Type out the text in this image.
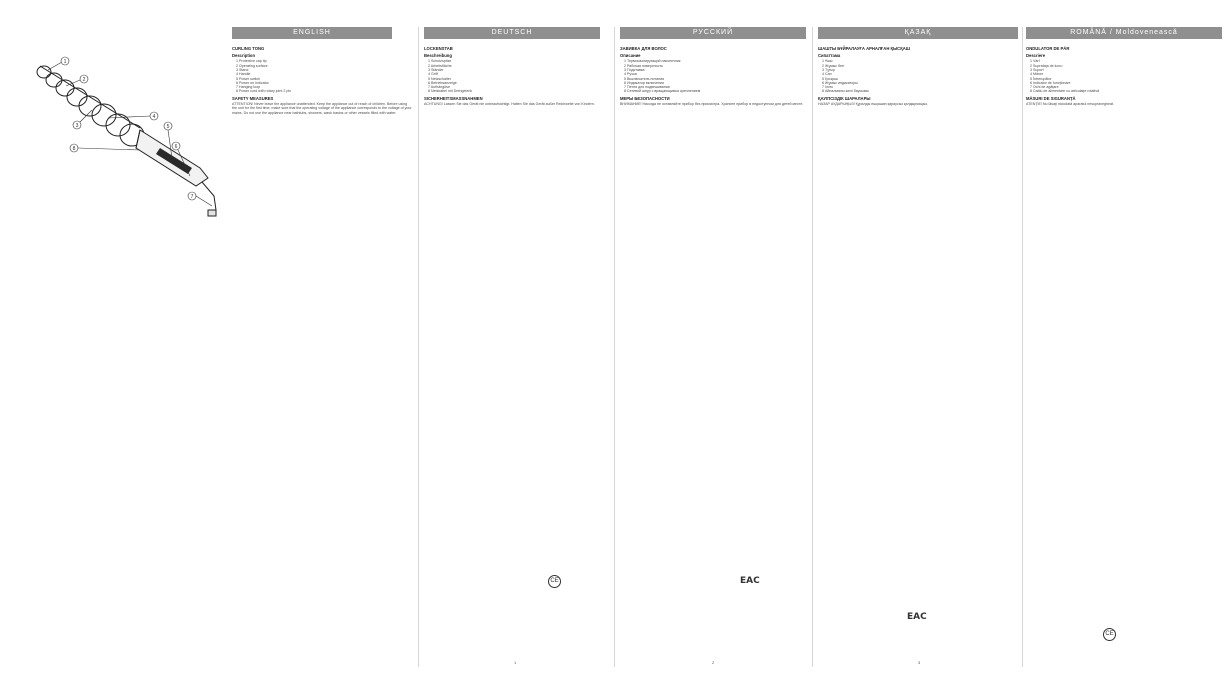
1
2
3
4
5
6
7
8
ENGLISH	DEUTSCH	РУССКИЙ	ҚАЗАҚ	ROMÂNĂ / Moldovenească
CURLING TONG
Description
1 Protective cap tip
2 Operating surface
3 Stand
4 Handle
5 Power switch
6 Power on indicator
7 Hanging loop
8 Power cord with rotary joint 2 pin
SAFETY MEASURES
ATTENTION! Never leave the appliance unattended. Keep the appliance out of reach of children. Before using the unit for the first time, make sure that the operating voltage of the appliance corresponds to the voltage of your mains. Do not use the appliance near bathtubs, showers, wash basins or other vessels filled with water.
LOCKENSTAB
Beschreibung
1 Schutzspitze
2 Arbeitsfläche
3 Ständer
4 Griff
5 Netzschalter
6 Betriebsanzeige
7 Aufhängöse
8 Netzkabel mit Drehgelenk
SICHERHEITSMASSNAHMEN
ACHTUNG! Lassen Sie das Gerät nie unbeaufsichtigt. Halten Sie das Gerät außer Reichweite von Kindern.
ЗАВИВКА ДЛЯ ВОЛОС
Описание
1 Термоизолирующий наконечник
2 Рабочая поверхность
3 Подставка
4 Ручка
5 Выключатель питания
6 Индикатор включения
7 Петля для подвешивания
8 Сетевой шнур с вращающимся креплением
МЕРЫ БЕЗОПАСНОСТИ
ВНИМАНИЕ! Никогда не оставляйте прибор без присмотра. Храните прибор в недоступном для детей месте.
ШАШТЫ БҰЙРАЛАУҒА АРНАЛҒАН ҚЫСҚАШ
Сипаттама
1 Ұшы
2 Жұмыс беті
3 Тұғыр
4 Сап
5 Қосқыш
6 Жұмыс индикаторы
7 Ілгек
8 Айналмалы желі баусымы
ҚАУІПСІЗДІК ШАРАЛАРЫ
НАЗАР АУДАРЫҢЫЗ! Құралды ешқашан қараусыз қалдырмаңыз.
ONDULATOR DE PĂR
Descriere
1 Vârf
2 Suprafaţa de lucru
3 Suport
4 Mâner
5 Întrerupător
6 Indicator de funcţionare
7 Ochi de agăţare
8 Cablu de alimentare cu articulaţie rotativă
MĂSURI DE SIGURANŢĂ
ATENŢIE! Nu lăsaţi niciodată aparatul nesupravegheat.
EAC
EAC
CE
CE
1	2	3
